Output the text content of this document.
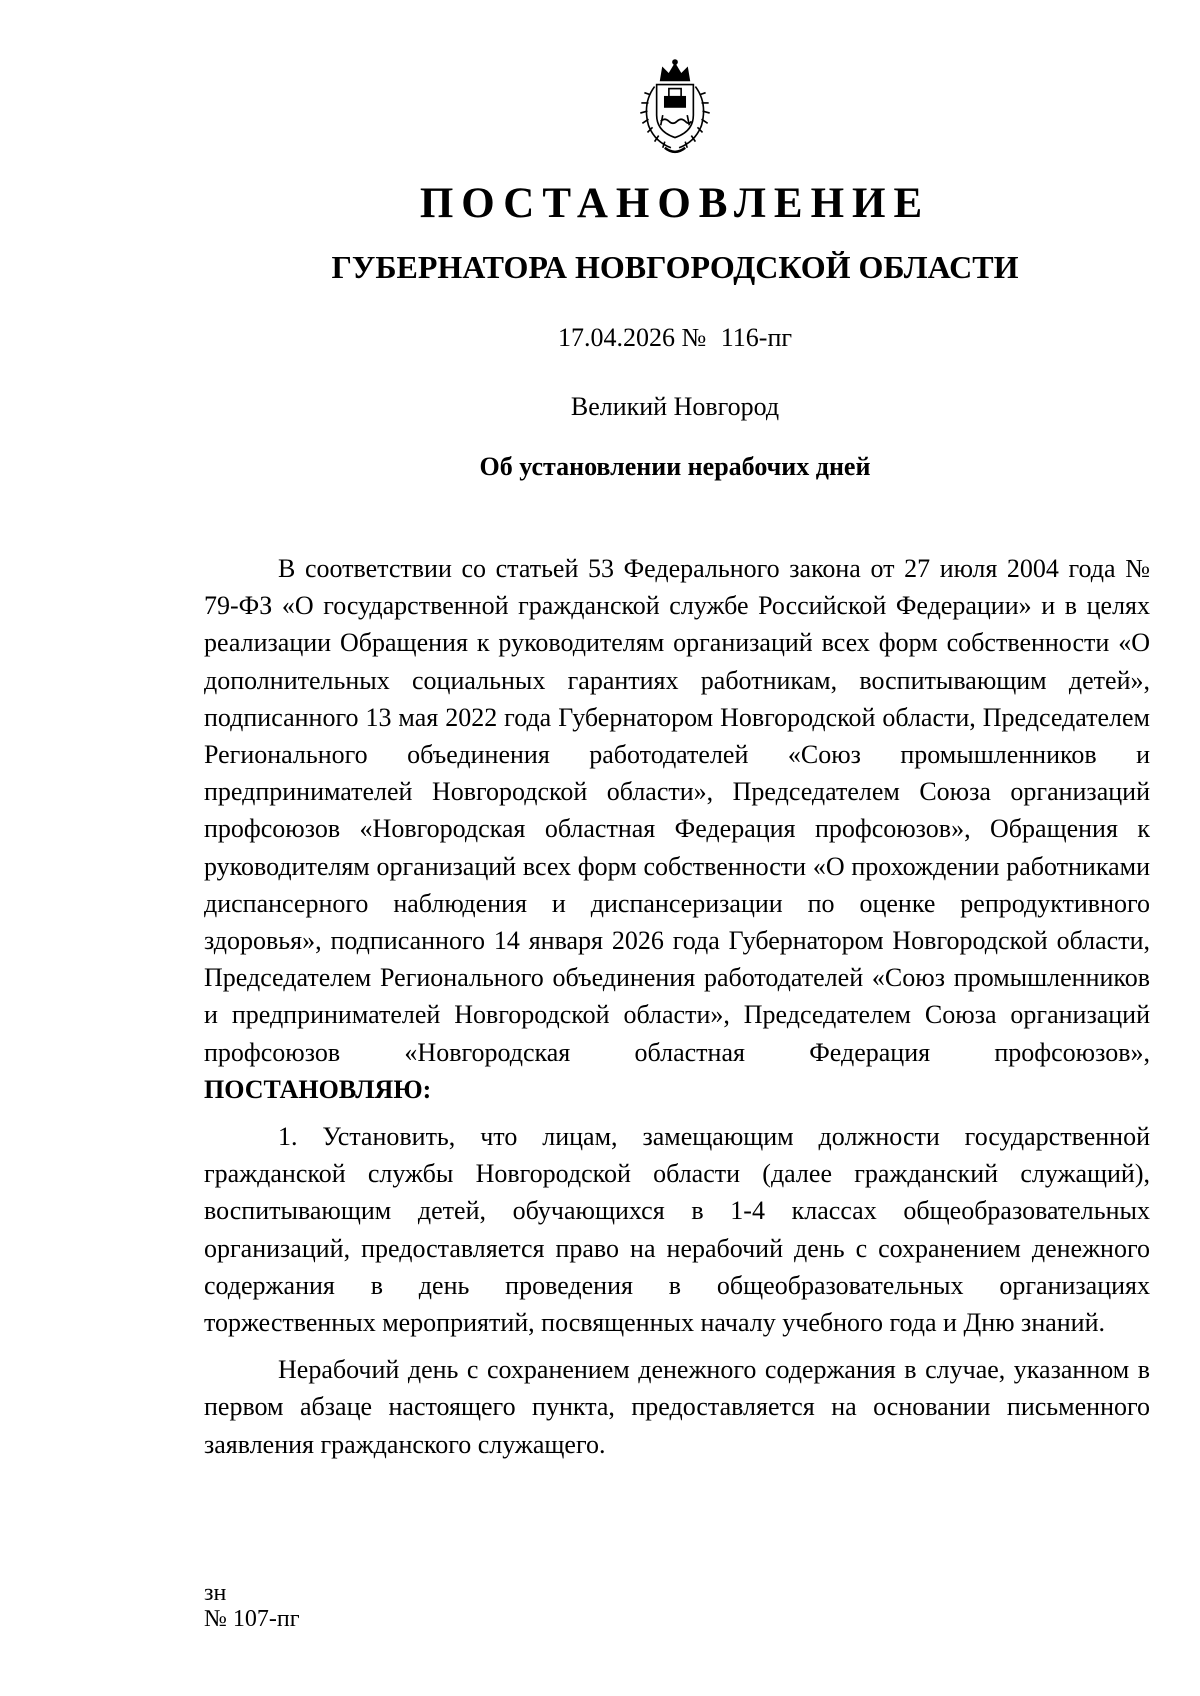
ПОСТАНОВЛЕНИЕ
ГУБЕРНАТОРА НОВГОРОДСКОЙ ОБЛАСТИ
17.04.2026 № 116-пг
Великий Новгород
Об установлении нерабочих дней

В соответствии со статьей 53 Федерального закона от 27 июля 2004 года № 79-ФЗ «О государственной гражданской службе Российской Федерации» и в целях реализации Обращения к руководителям организаций всех форм собственности «О дополнительных социальных гарантиях работникам, воспитывающим детей», подписанного 13 мая 2022 года Губернатором Новгородской области, Председателем Регионального объединения работодателей «Союз промышленников и предпринимателей Новгородской области», Председателем Союза организаций профсоюзов «Новгородская областная Федерация профсоюзов», Обращения к руководителям организаций всех форм собственности «О прохождении работниками диспансерного наблюдения и диспансеризации по оценке репродуктивного здоровья», подписанного 14 января 2026 года Губернатором Новгородской области, Председателем Регионального объединения работодателей «Союз промышленников и предпринимателей Новгородской области», Председателем Союза организаций профсоюзов «Новгородская областная Федерация профсоюзов», ПОСТАНОВЛЯЮ:

1. Установить, что лицам, замещающим должности государственной гражданской службы Новгородской области (далее гражданский служащий), воспитывающим детей, обучающихся в 1-4 классах общеобразовательных организаций, предоставляется право на нерабочий день с сохранением денежного содержания в день проведения в общеобразовательных организациях торжественных мероприятий, посвященных началу учебного года и Дню знаний.

Нерабочий день с сохранением денежного содержания в случае, указанном в первом абзаце настоящего пункта, предоставляется на основании письменного заявления гражданского служащего.

зн
№ 107-пг
